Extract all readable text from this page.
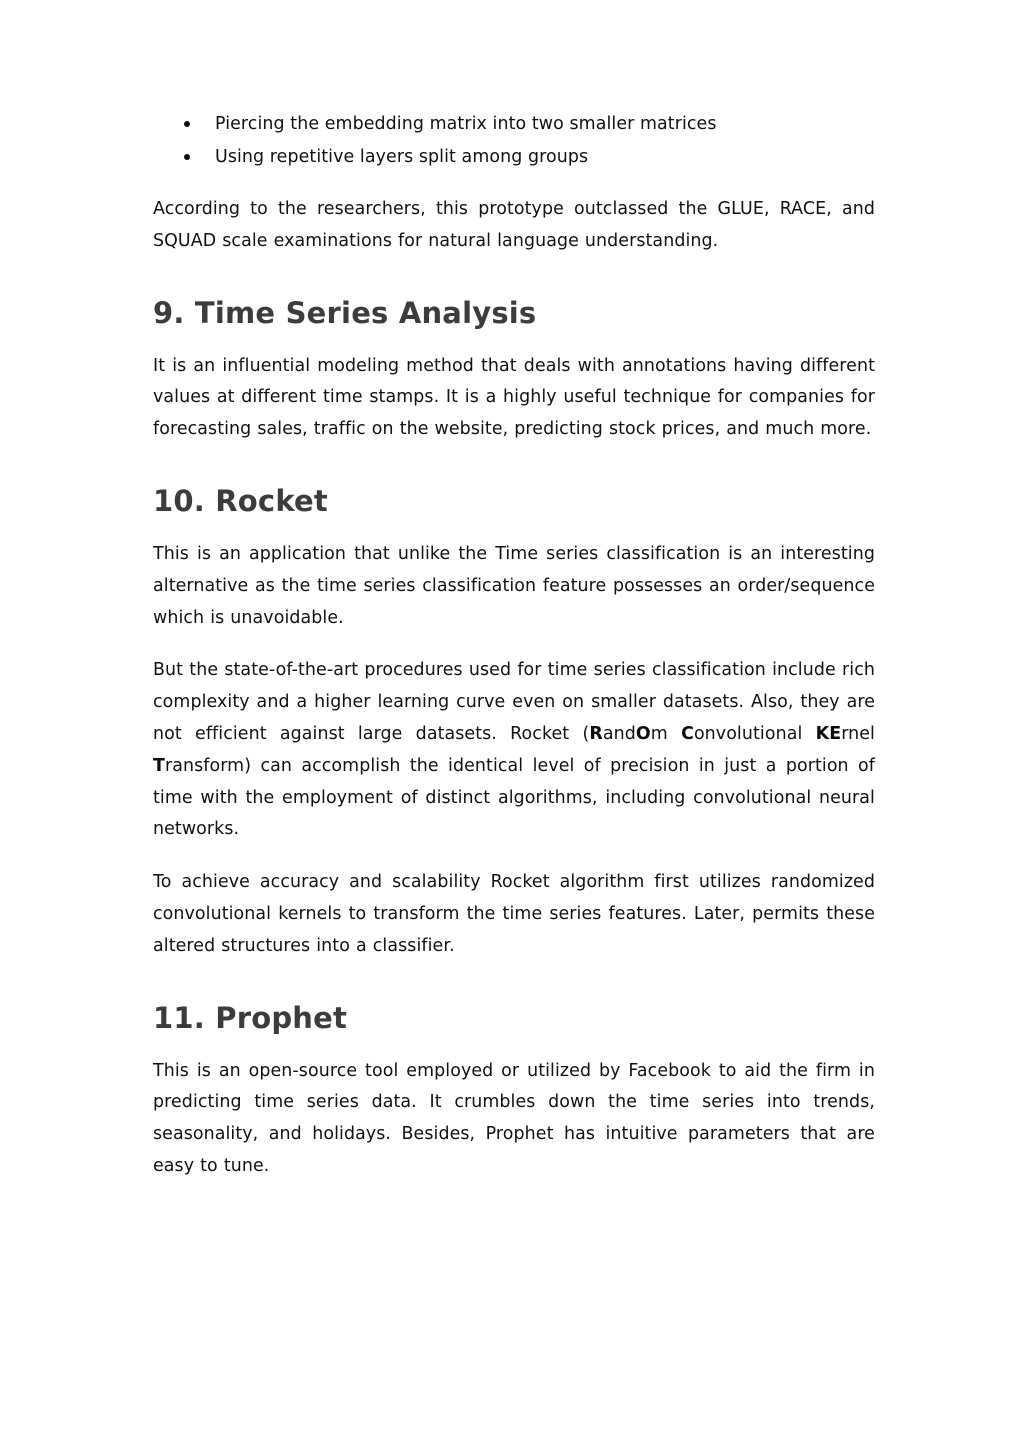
Piercing the embedding matrix into two smaller matrices
Using repetitive layers split among groups

According to the researchers, this prototype outclassed the GLUE, RACE, and SQUAD scale examinations for natural language understanding.

9. Time Series Analysis

It is an influential modeling method that deals with annotations having different values at different time stamps. It is a highly useful technique for companies for forecasting sales, traffic on the website, predicting stock prices, and much more.

10. Rocket

This is an application that unlike the Time series classification is an interesting alternative as the time series classification feature possesses an order/sequence which is unavoidable.

But the state-of-the-art procedures used for time series classification include rich complexity and a higher learning curve even on smaller datasets. Also, they are not efficient against large datasets. Rocket (RandOm Convolutional KErnel Transform) can accomplish the identical level of precision in just a portion of time with the employment of distinct algorithms, including convolutional neural networks.

To achieve accuracy and scalability Rocket algorithm first utilizes randomized convolutional kernels to transform the time series features. Later, permits these altered structures into a classifier.

11. Prophet

This is an open-source tool employed or utilized by Facebook to aid the firm in predicting time series data. It crumbles down the time series into trends, seasonality, and holidays. Besides, Prophet has intuitive parameters that are easy to tune.
